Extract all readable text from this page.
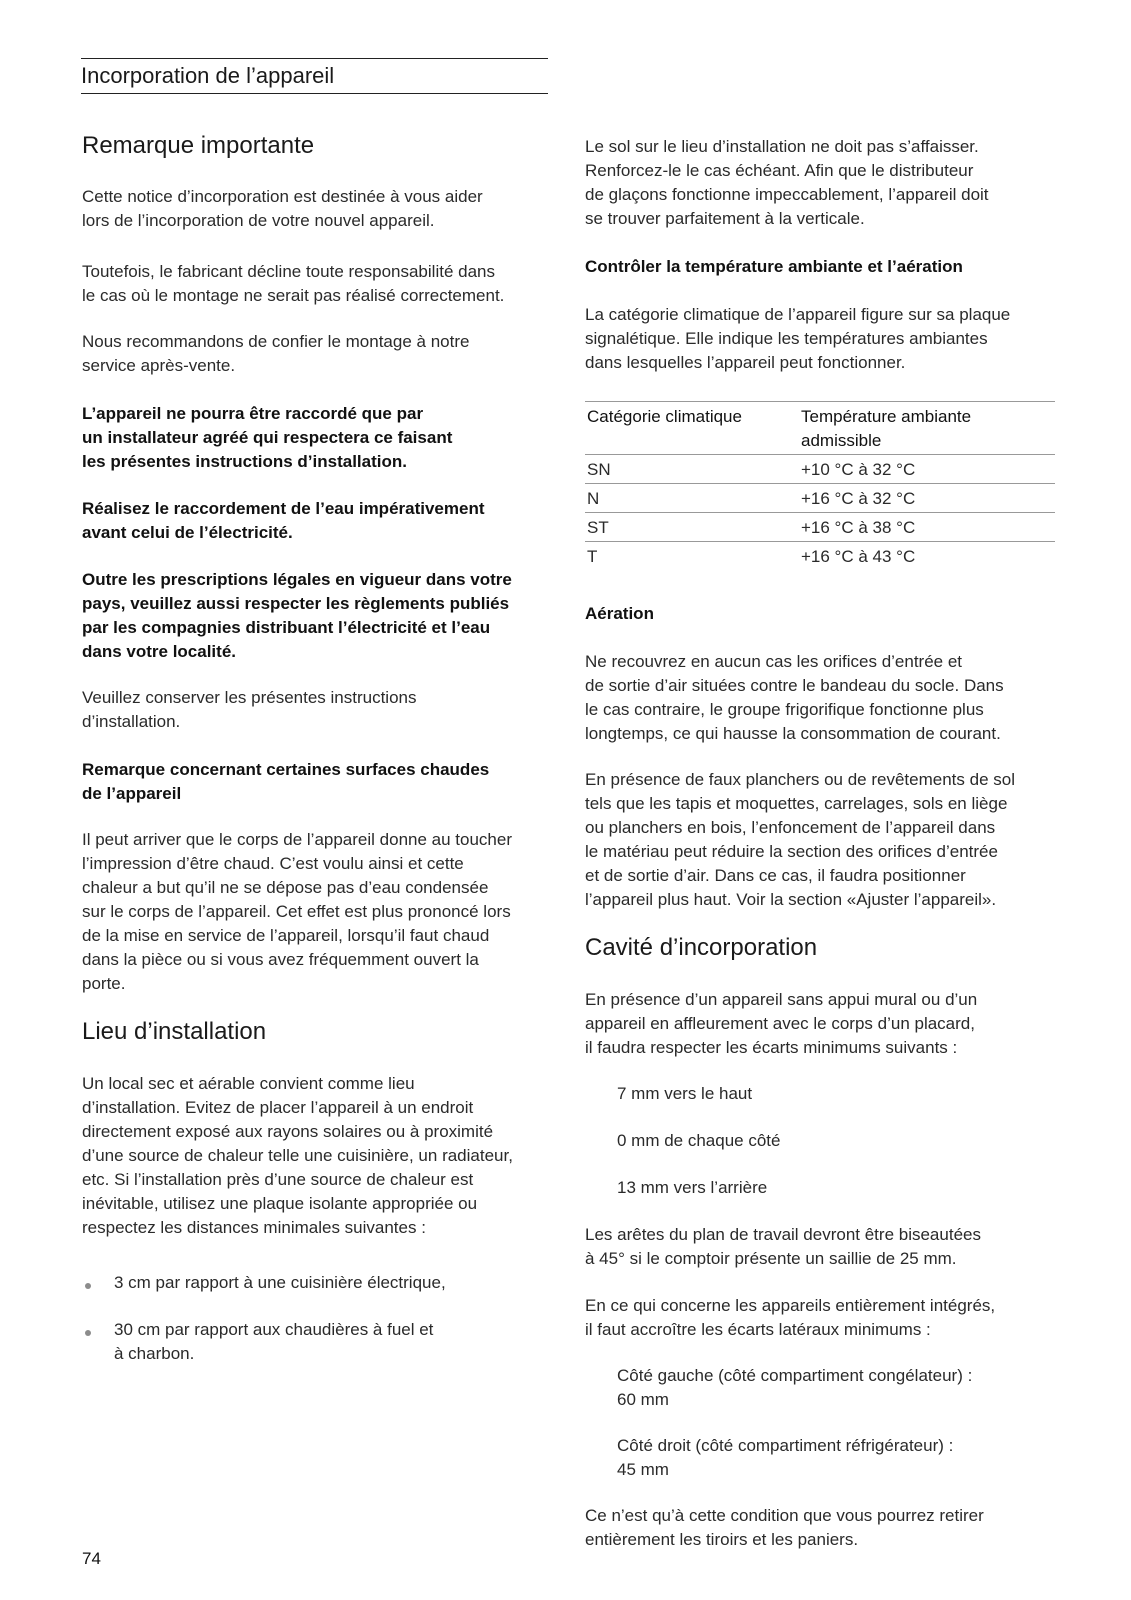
Incorporation de l’appareil
Remarque importante

Cette notice d’incorporation est destinée à vous aider
lors de l’incorporation de votre nouvel appareil.

Toutefois, le fabricant décline toute responsabilité dans
le cas où le montage ne serait pas réalisé correctement.

Nous recommandons de confier le montage à notre
service après-vente.

L’appareil ne pourra être raccordé que par
un installateur agréé qui respectera ce faisant
les présentes instructions d’installation.

Réalisez le raccordement de l’eau impérativement
avant celui de l’électricité.

Outre les prescriptions légales en vigueur dans votre
pays, veuillez aussi respecter les règlements publiés
par les compagnies distribuant l’électricité et l’eau
dans votre localité.

Veuillez conserver les présentes instructions
d’installation.

Remarque concernant certaines surfaces chaudes
de l’appareil

Il peut arriver que le corps de l’appareil donne au toucher
l’impression d’être chaud. C’est voulu ainsi et cette
chaleur a but qu’il ne se dépose pas d’eau condensée
sur le corps de l’appareil. Cet effet est plus prononcé lors
de la mise en service de l’appareil, lorsqu’il faut chaud
dans la pièce ou si vous avez fréquemment ouvert la
porte.

Lieu d’installation

Un local sec et aérable convient comme lieu
d’installation. Evitez de placer l’appareil à un endroit
directement exposé aux rayons solaires ou à proximité
d’une source de chaleur telle une cuisinière, un radiateur,
etc. Si l’installation près d’une source de chaleur est
inévitable, utilisez une plaque isolante appropriée ou
respectez les distances minimales suivantes :

3 cm par rapport à une cuisinière électrique,

30 cm par rapport aux chaudières à fuel et
à charbon.

Le sol sur le lieu d’installation ne doit pas s’affaisser.
Renforcez-le le cas échéant. Afin que le distributeur
de glaçons fonctionne impeccablement, l’appareil doit
se trouver parfaitement à la verticale.

Contrôler la température ambiante et l’aération

La catégorie climatique de l’appareil figure sur sa plaque
signalétique. Elle indique les températures ambiantes
dans lesquelles l’appareil peut fonctionner.

Catégorie climatique	Température ambiante
admissible
SN	+10 °C à 32 °C
N	+16 °C à 32 °C
ST	+16 °C à 38 °C
T	+16 °C à 43 °C

Aération

Ne recouvrez en aucun cas les orifices d’entrée et
de sortie d’air situées contre le bandeau du socle. Dans
le cas contraire, le groupe frigorifique fonctionne plus
longtemps, ce qui hausse la consommation de courant.

En présence de faux planchers ou de revêtements de sol
tels que les tapis et moquettes, carrelages, sols en liège
ou planchers en bois, l’enfoncement de l’appareil dans
le matériau peut réduire la section des orifices d’entrée
et de sortie d’air. Dans ce cas, il faudra positionner
l’appareil plus haut. Voir la section «Ajuster l’appareil».

Cavité d’incorporation

En présence d’un appareil sans appui mural ou d’un
appareil en affleurement avec le corps d’un placard,
il faudra respecter les écarts minimums suivants :

7 mm vers le haut

0 mm de chaque côté

13 mm vers l’arrière

Les arêtes du plan de travail devront être biseautées
à 45° si le comptoir présente un saillie de 25 mm.

En ce qui concerne les appareils entièrement intégrés,
il faut accroître les écarts latéraux minimums :

Côté gauche (côté compartiment congélateur) :
60 mm

Côté droit (côté compartiment réfrigérateur) :
45 mm

Ce n’est qu’à cette condition que vous pourrez retirer
entièrement les tiroirs et les paniers.

74
